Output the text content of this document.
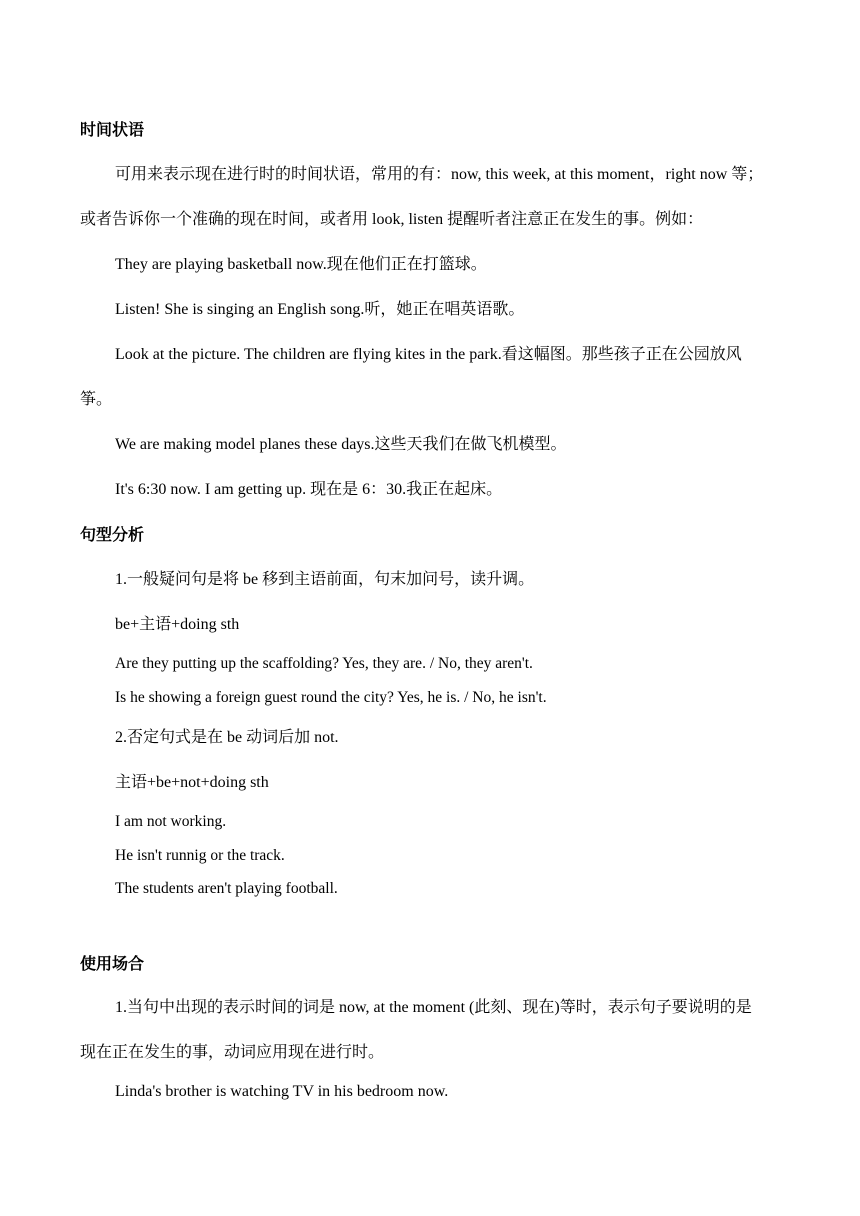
时间状语
可用来表示现在进行时的时间状语，常用的有：now, this week, at this moment，right now 等；
或者告诉你一个准确的现在时间，或者用 look, listen 提醒听者注意正在发生的事。例如：
They are playing basketball now.现在他们正在打篮球。
Listen! She is singing an English song.听，她正在唱英语歌。
Look at the picture. The children are flying kites in the park.看这幅图。那些孩子正在公园放风
筝。
We are making model planes these days.这些天我们在做飞机模型。
It's 6:30 now. I am getting up. 现在是 6：30.我正在起床。
句型分析
1.一般疑问句是将 be 移到主语前面，句末加问号，读升调。
be+主语+doing sth
Are they putting up the scaffolding? Yes, they are. / No, they aren't.
Is he showing a foreign guest round the city? Yes, he is. / No, he isn't.
2.否定句式是在 be 动词后加 not.
主语+be+not+doing sth
I am not working.
He isn't runnig or the track.
The students aren't playing football.
使用场合
1.当句中出现的表示时间的词是 now, at the moment (此刻、现在)等时，表示句子要说明的是
现在正在发生的事，动词应用现在进行时。
Linda's brother is watching TV in his bedroom now.
